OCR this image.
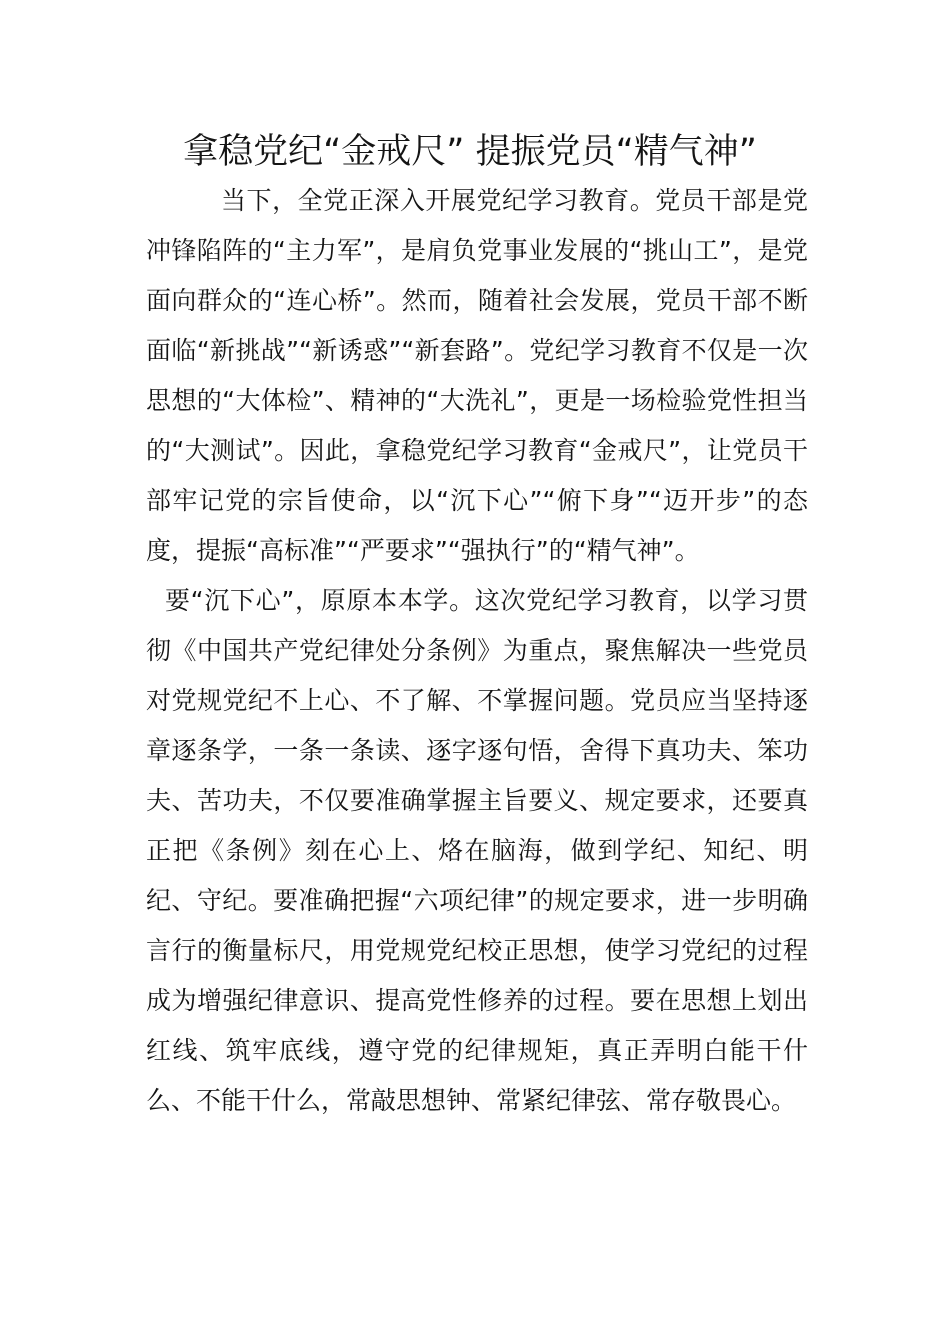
拿稳党纪“金戒尺” 提振党员“精气神”

当下，全党正深入开展党纪学习教育。党员干部是党冲锋陷阵的“主力军”，是肩负党事业发展的“挑山工”，是党面向群众的“连心桥”。然而，随着社会发展，党员干部不断面临“新挑战”“新诱惑”“新套路”。党纪学习教育不仅是一次思想的“大体检”、精神的“大洗礼”，更是一场检验党性担当的“大测试”。因此，拿稳党纪学习教育“金戒尺”，让党员干部牢记党的宗旨使命，以“沉下心”“俯下身”“迈开步”的态度，提振“高标准”“严要求”“强执行”的“精气神”。

要“沉下心”，原原本本学。这次党纪学习教育，以学习贯彻《中国共产党纪律处分条例》为重点，聚焦解决一些党员对党规党纪不上心、不了解、不掌握问题。党员应当坚持逐章逐条学，一条一条读、逐字逐句悟，舍得下真功夫、笨功夫、苦功夫，不仅要准确掌握主旨要义、规定要求，还要真正把《条例》刻在心上、烙在脑海，做到学纪、知纪、明纪、守纪。要准确把握“六项纪律”的规定要求，进一步明确言行的衡量标尺，用党规党纪校正思想，使学习党纪的过程成为增强纪律意识、提高党性修养的过程。要在思想上划出红线、筑牢底线，遵守党的纪律规矩，真正弄明白能干什么、不能干什么，常敲思想钟、常紧纪律弦、常存敬畏心。
